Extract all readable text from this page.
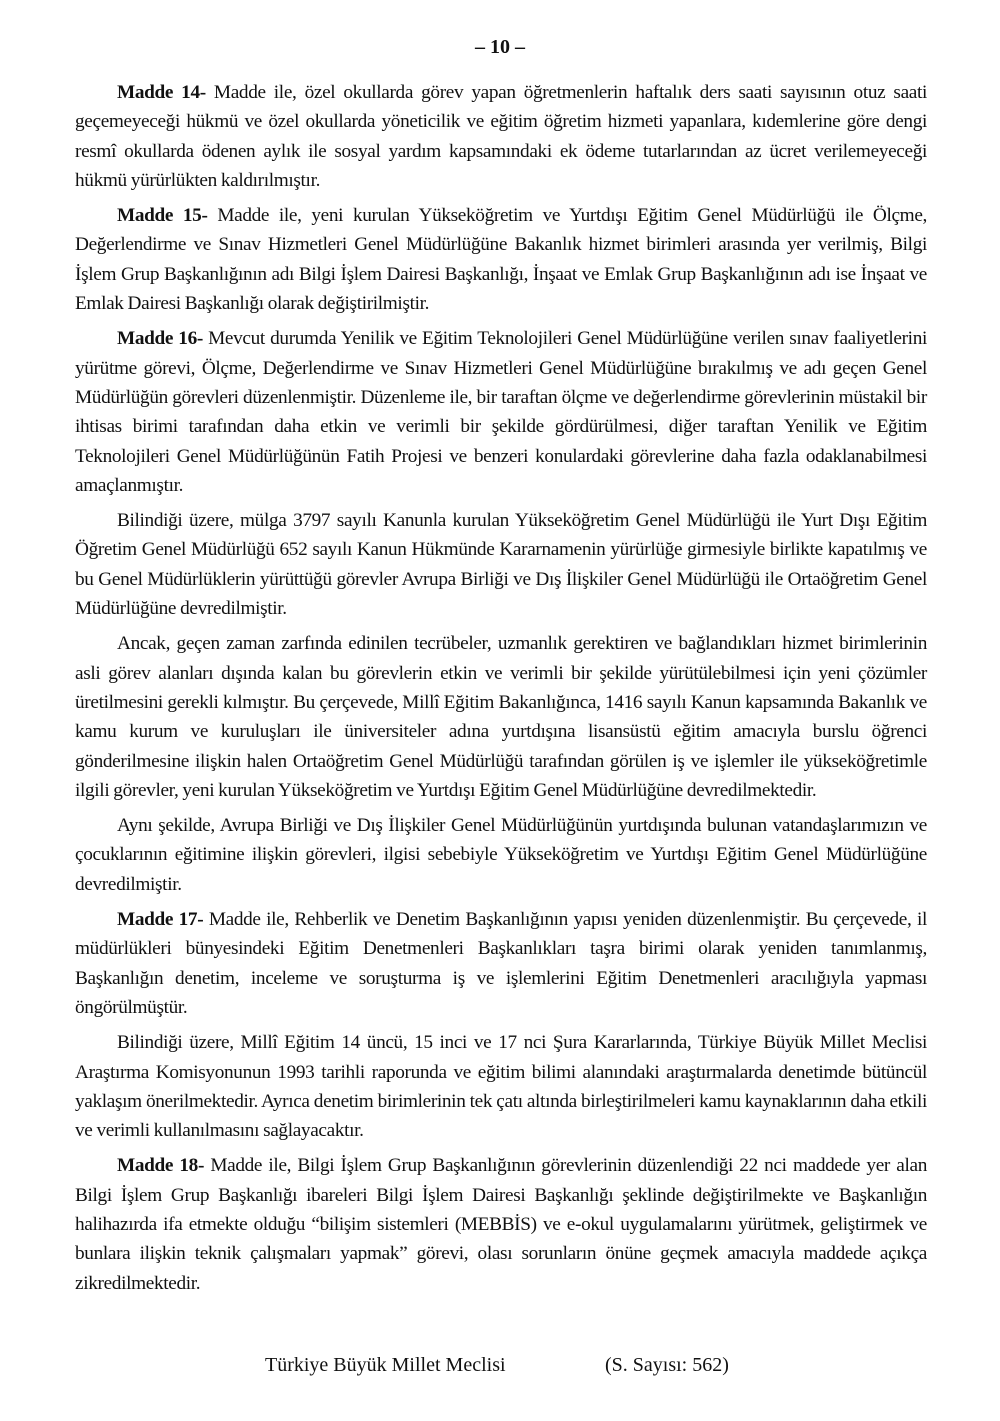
– 10 –

Madde 14- Madde ile, özel okullarda görev yapan öğretmenlerin haftalık ders saati sayısının otuz saati geçemeyeceği hükmü ve özel okullarda yöneticilik ve eğitim öğretim hizmeti yapanlara, kıdemlerine göre dengi resmî okullarda ödenen aylık ile sosyal yardım kapsamındaki ek ödeme tutarlarından az ücret verilemeyeceği hükmü yürürlükten kaldırılmıştır.

Madde 15- Madde ile, yeni kurulan Yükseköğretim ve Yurtdışı Eğitim Genel Müdürlüğü ile Ölçme, Değerlendirme ve Sınav Hizmetleri Genel Müdürlüğüne Bakanlık hizmet birimleri arasında yer verilmiş, Bilgi İşlem Grup Başkanlığının adı Bilgi İşlem Dairesi Başkanlığı, İnşaat ve Emlak Grup Başkanlığının adı ise İnşaat ve Emlak Dairesi Başkanlığı olarak değiştirilmiştir.

Madde 16- Mevcut durumda Yenilik ve Eğitim Teknolojileri Genel Müdürlüğüne verilen sınav faaliyetlerini yürütme görevi, Ölçme, Değerlendirme ve Sınav Hizmetleri Genel Müdürlüğüne bırakılmış ve adı geçen Genel Müdürlüğün görevleri düzenlenmiştir. Düzenleme ile, bir taraftan ölçme ve değerlendirme görevlerinin müstakil bir ihtisas birimi tarafından daha etkin ve verimli bir şekilde gördürülmesi, diğer taraftan Yenilik ve Eğitim Teknolojileri Genel Müdürlüğünün Fatih Projesi ve benzeri konulardaki görevlerine daha fazla odaklanabilmesi amaçlanmıştır.

Bilindiği üzere, mülga 3797 sayılı Kanunla kurulan Yükseköğretim Genel Müdürlüğü ile Yurt Dışı Eğitim Öğretim Genel Müdürlüğü 652 sayılı Kanun Hükmünde Kararnamenin yürürlüğe girmesiyle birlikte kapatılmış ve bu Genel Müdürlüklerin yürüttüğü görevler Avrupa Birliği ve Dış İlişkiler Genel Müdürlüğü ile Ortaöğretim Genel Müdürlüğüne devredilmiştir.

Ancak, geçen zaman zarfında edinilen tecrübeler, uzmanlık gerektiren ve bağlandıkları hizmet birimlerinin asli görev alanları dışında kalan bu görevlerin etkin ve verimli bir şekilde yürütülebilmesi için yeni çözümler üretilmesini gerekli kılmıştır. Bu çerçevede, Millî Eğitim Bakanlığınca, 1416 sayılı Kanun kapsamında Bakanlık ve kamu kurum ve kuruluşları ile üniversiteler adına yurtdışına lisansüstü eğitim amacıyla burslu öğrenci gönderilmesine ilişkin halen Ortaöğretim Genel Müdürlüğü tarafından görülen iş ve işlemler ile yükseköğretimle ilgili görevler, yeni kurulan Yükseköğretim ve Yurtdışı Eğitim Genel Müdürlüğüne devredilmektedir.

Aynı şekilde, Avrupa Birliği ve Dış İlişkiler Genel Müdürlüğünün yurtdışında bulunan vatandaşlarımızın ve çocuklarının eğitimine ilişkin görevleri, ilgisi sebebiyle Yükseköğretim ve Yurtdışı Eğitim Genel Müdürlüğüne devredilmiştir.

Madde 17- Madde ile, Rehberlik ve Denetim Başkanlığının yapısı yeniden düzenlenmiştir. Bu çerçevede, il müdürlükleri bünyesindeki Eğitim Denetmenleri Başkanlıkları taşra birimi olarak yeniden tanımlanmış, Başkanlığın denetim, inceleme ve soruşturma iş ve işlemlerini Eğitim Denetmenleri aracılığıyla yapması öngörülmüştür.

Bilindiği üzere, Millî Eğitim 14 üncü, 15 inci ve 17 nci Şura Kararlarında, Türkiye Büyük Millet Meclisi Araştırma Komisyonunun 1993 tarihli raporunda ve eğitim bilimi alanındaki araştırmalarda denetimde bütüncül yaklaşım önerilmektedir. Ayrıca denetim birimlerinin tek çatı altında birleştirilmeleri kamu kaynaklarının daha etkili ve verimli kullanılmasını sağlayacaktır.

Madde 18- Madde ile, Bilgi İşlem Grup Başkanlığının görevlerinin düzenlendiği 22 nci maddede yer alan Bilgi İşlem Grup Başkanlığı ibareleri Bilgi İşlem Dairesi Başkanlığı şeklinde değiştirilmekte ve Başkanlığın halihazırda ifa etmekte olduğu “bilişim sistemleri (MEBBİS) ve e-okul uygulamalarını yürütmek, geliştirmek ve bunlara ilişkin teknik çalışmaları yapmak” görevi, olası sorunların önüne geçmek amacıyla maddede açıkça zikredilmektedir.

Türkiye Büyük Millet Meclisi	(S. Sayısı: 562)
